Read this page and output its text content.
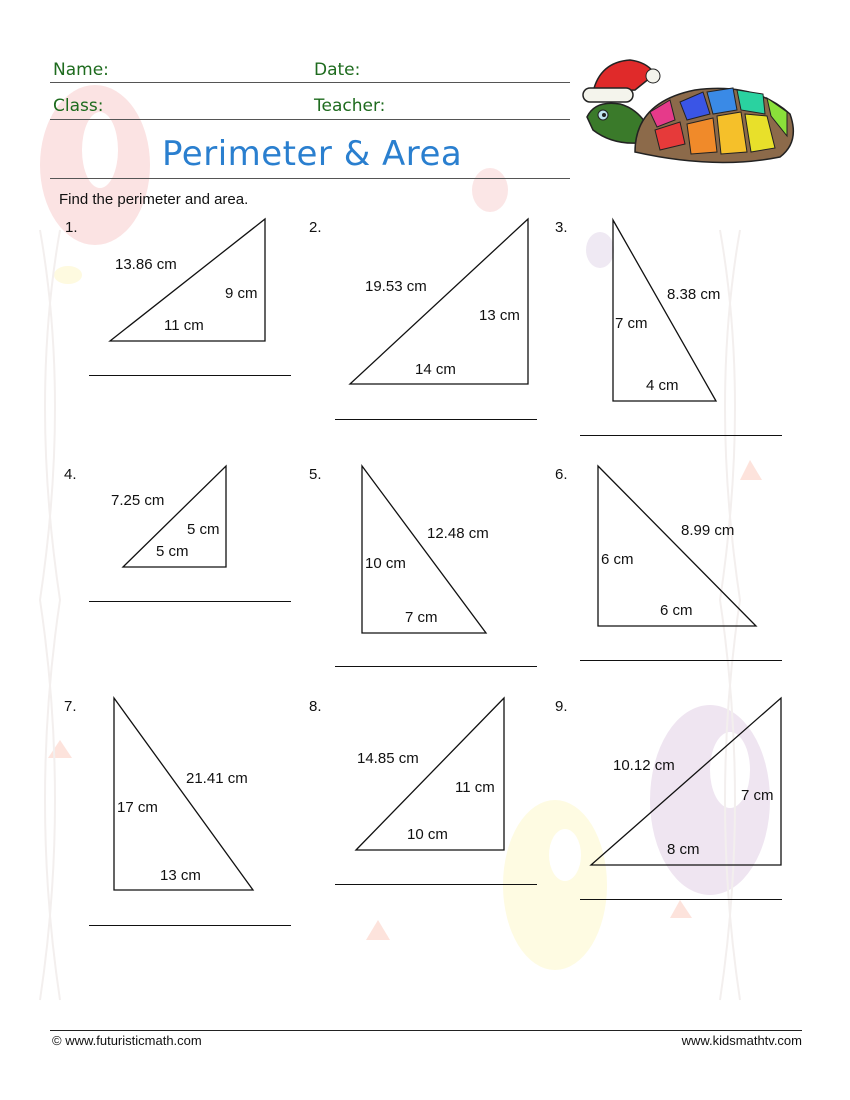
Name:	Date:
Class:	Teacher:
Perimeter & Area
Find the perimeter and area.
1.
13.86 cm
9 cm
11 cm
2.
19.53 cm
13 cm
14 cm
3.
8.38 cm
7 cm
4 cm
4.
7.25 cm
5 cm
5 cm
5.
12.48 cm
10 cm
7 cm
6.
8.99 cm
6 cm
6 cm
7.
21.41 cm
17 cm
13 cm
8.
14.85 cm
11 cm
10 cm
9.
10.12 cm
7 cm
8 cm
© www.futuristicmath.com	www.kidsmathtv.com
